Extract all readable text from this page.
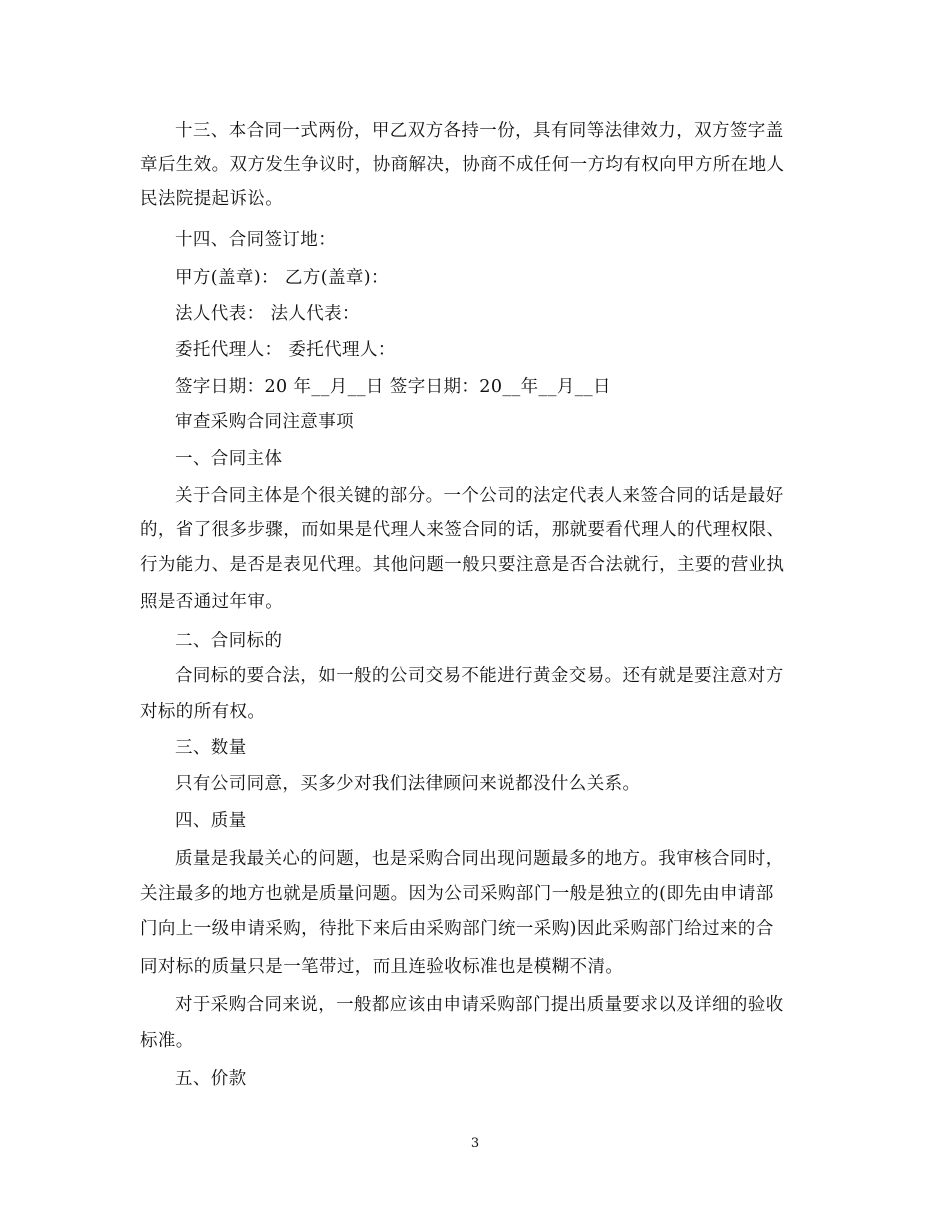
十三、本合同一式两份，甲乙双方各持一份，具有同等法律效力，双方签字盖
章后生效。双方发生争议时，协商解决，协商不成任何一方均有权向甲方所在地人
民法院提起诉讼。
十四、合同签订地：
甲方(盖章)： 乙方(盖章)：
法人代表： 法人代表：
委托代理人： 委托代理人：
签字日期：20 年__月__日 签字日期：20__年__月__日
审查采购合同注意事项
一、合同主体
关于合同主体是个很关键的部分。一个公司的法定代表人来签合同的话是最好
的，省了很多步骤，而如果是代理人来签合同的话，那就要看代理人的代理权限、
行为能力、是否是表见代理。其他问题一般只要注意是否合法就行，主要的营业执
照是否通过年审。
二、合同标的
合同标的要合法，如一般的公司交易不能进行黄金交易。还有就是要注意对方
对标的所有权。
三、数量
只有公司同意，买多少对我们法律顾问来说都没什么关系。
四、质量
质量是我最关心的问题，也是采购合同出现问题最多的地方。我审核合同时，
关注最多的地方也就是质量问题。因为公司采购部门一般是独立的(即先由申请部
门向上一级申请采购，待批下来后由采购部门统一采购)因此采购部门给过来的合
同对标的质量只是一笔带过，而且连验收标准也是模糊不清。
对于采购合同来说，一般都应该由申请采购部门提出质量要求以及详细的验收
标准。
五、价款
3
